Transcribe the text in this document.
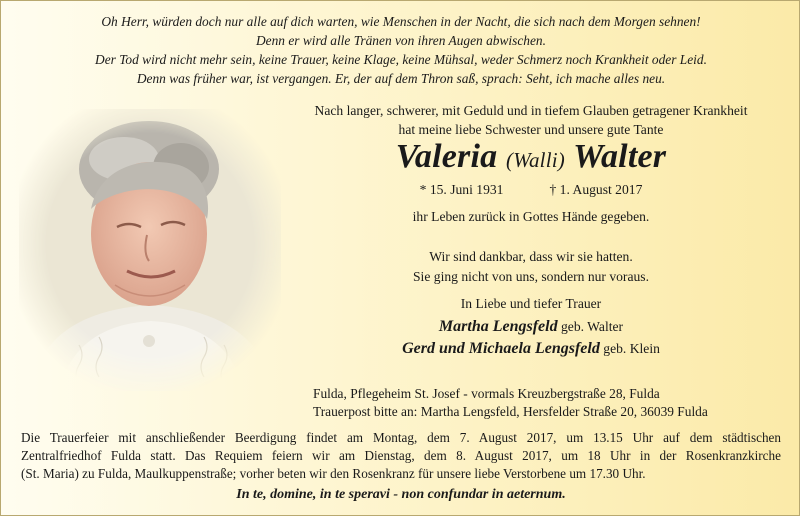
Oh Herr, würden doch nur alle auf dich warten, wie Menschen in der Nacht, die sich nach dem Morgen sehnen!
Denn er wird alle Tränen von ihren Augen abwischen.
Der Tod wird nicht mehr sein, keine Trauer, keine Klage, keine Mühsal, weder Schmerz noch Krankheit oder Leid.
Denn was früher war, ist vergangen. Er, der auf dem Thron saß, sprach: Seht, ich mache alles neu.
Nach langer, schwerer, mit Geduld und in tiefem Glauben getragener Krankheit
hat meine liebe Schwester und unsere gute Tante
Valeria (Walli) Walter
* 15. Juni 1931	† 1. August 2017
ihr Leben zurück in Gottes Hände gegeben.
Wir sind dankbar, dass wir sie hatten.
Sie ging nicht von uns, sondern nur voraus.
In Liebe und tiefer Trauer
Martha Lengsfeld geb. Walter
Gerd und Michaela Lengsfeld geb. Klein
Fulda, Pflegeheim St. Josef - vormals Kreuzbergstraße 28, Fulda
Trauerpost bitte an: Martha Lengsfeld, Hersfelder Straße 20, 36039 Fulda
Die Trauerfeier mit anschließender Beerdigung findet am Montag, dem 7. August 2017, um 13.15 Uhr auf dem städtischen
Zentralfriedhof Fulda statt. Das Requiem feiern wir am Dienstag, dem 8. August 2017, um 18 Uhr in der Rosenkranzkirche
(St. Maria) zu Fulda, Maulkuppenstraße; vorher beten wir den Rosenkranz für unsere liebe Verstorbene um 17.30 Uhr.
In te, domine, in te speravi - non confundar in aeternum.
